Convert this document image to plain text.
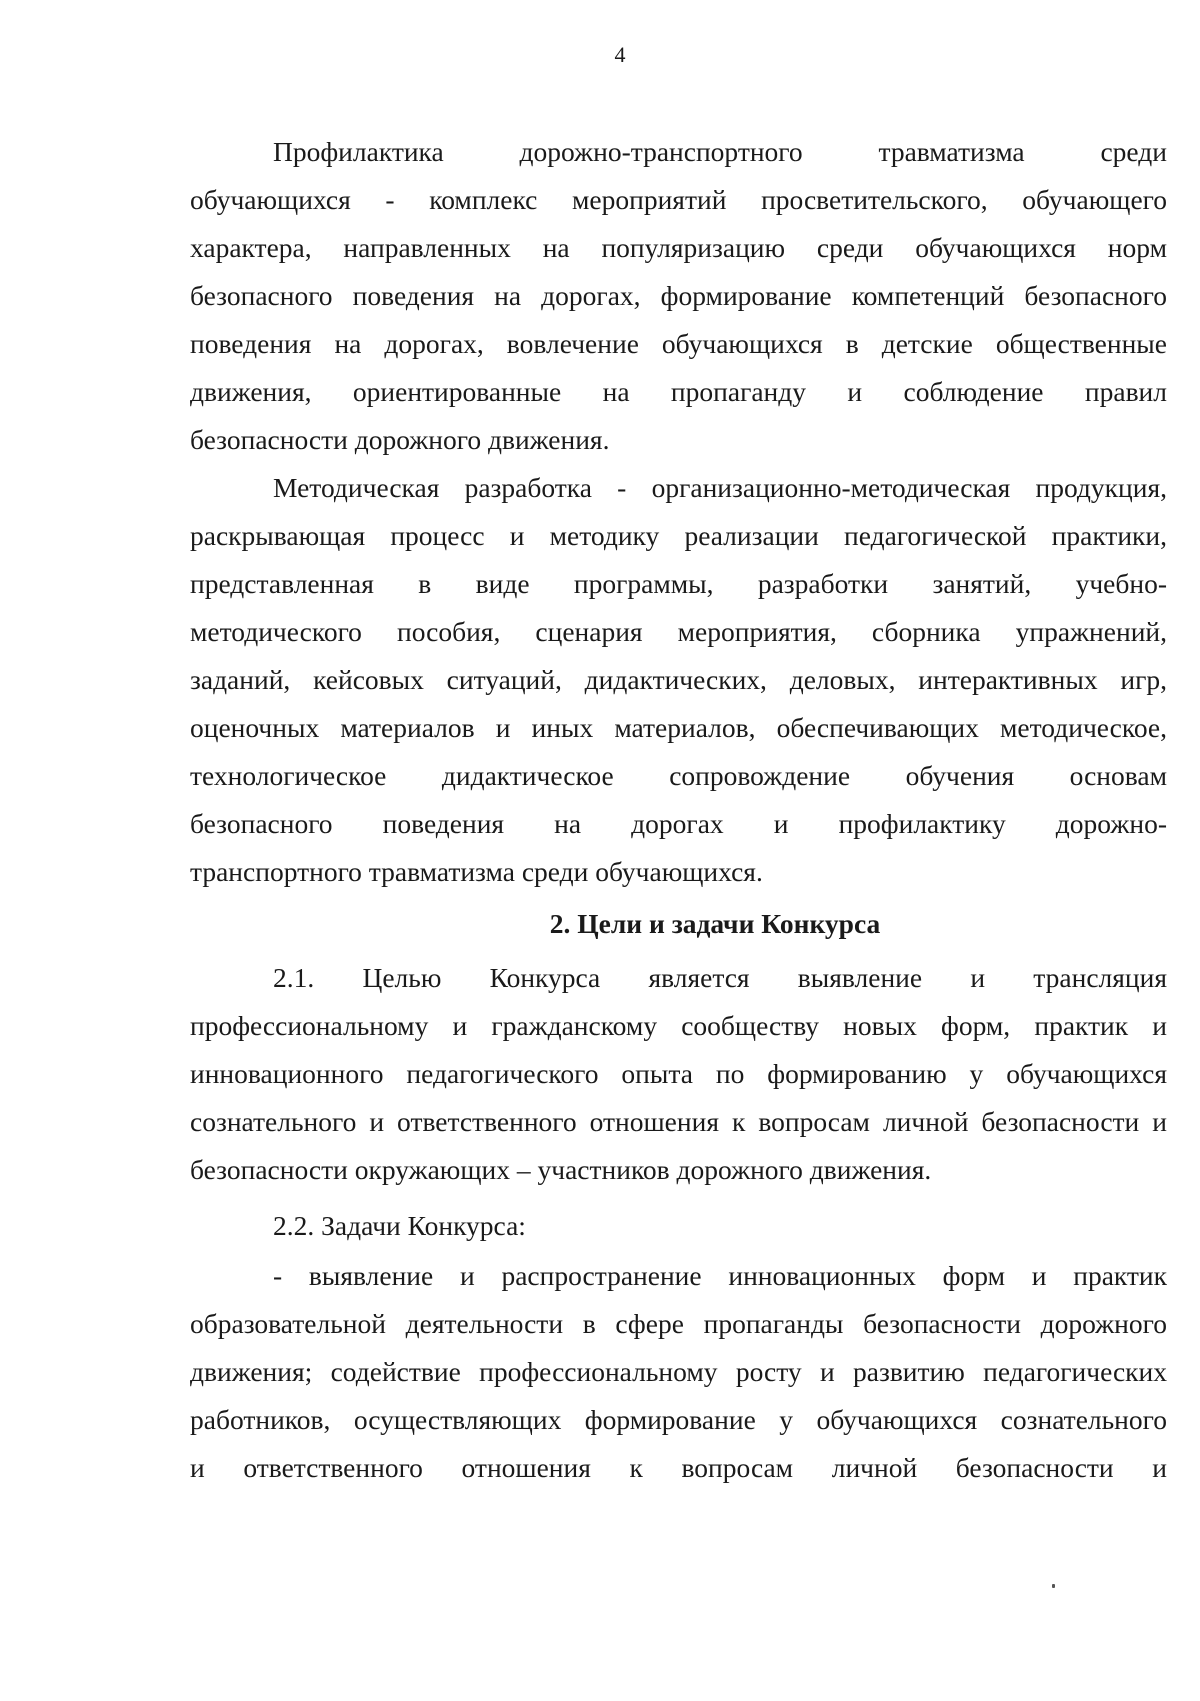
4
Профилактика дорожно-транспортного травматизма среди
обучающихся - комплекс мероприятий просветительского, обучающего
характера, направленных на популяризацию среди обучающихся норм
безопасного поведения на дорогах, формирование компетенций безопасного
поведения на дорогах, вовлечение обучающихся в детские общественные
движения, ориентированные на пропаганду и соблюдение правил
безопасности дорожного движения.
Методическая разработка - организационно-методическая продукция,
раскрывающая процесс и методику реализации педагогической практики,
представленная в виде программы, разработки занятий, учебно-
методического пособия, сценария мероприятия, сборника упражнений,
заданий, кейсовых ситуаций, дидактических, деловых, интерактивных игр,
оценочных материалов и иных материалов, обеспечивающих методическое,
технологическое дидактическое сопровождение обучения основам
безопасного поведения на дорогах и профилактику дорожно-
транспортного травматизма среди обучающихся.
2. Цели и задачи Конкурса
2.1. Целью Конкурса является выявление и трансляция
профессиональному и гражданскому сообществу новых форм, практик и
инновационного педагогического опыта по формированию у обучающихся
сознательного и ответственного отношения к вопросам личной безопасности и
безопасности окружающих – участников дорожного движения.
2.2. Задачи Конкурса:
- выявление и распространение инновационных форм и практик
образовательной деятельности в сфере пропаганды безопасности дорожного
движения; содействие профессиональному росту и развитию педагогических
работников, осуществляющих формирование у обучающихся сознательного
и ответственного отношения к вопросам личной безопасности и
